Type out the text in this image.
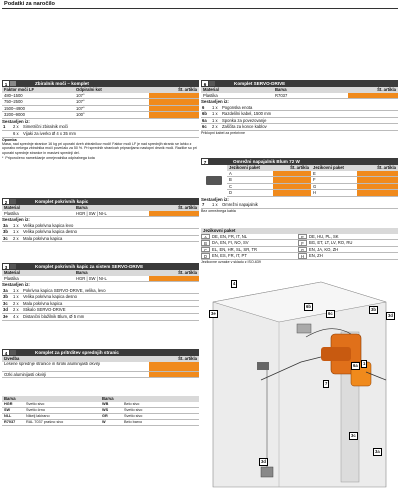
Podatki za naročilo
1	Zbiralnik moči – komplet
Faktor moči LF	Odpiralni kot	Št. artikla
480–1500	107°
750–2500	107°
1500–4900	107°
3200–9000	100°
Sestavljen iz:
1	2 x	Simetrični zbiralnik moči
6 x	Vijaki za iverko Ø 4 x 35 mm
Opomba
Masa, nad sprednje stranice 16 kg pri uporabi dveh zbiralnikov moči! Faktor moči LF je nad sprednjih stranic se lahko z uporabo nekega zbiralnika moči povečalo za 50 %. Pri sprednih stranicah pripravljamo nastopni drsnik moči. Razlike so pri uporabi sprednje stranice in masivni sprednji del.
* Priporočeno nameščanje omejevalnika odpiralnega kota
2	Komplet pokrivnih kapic
Material	Barva	Št. artikla
Plastika	HGR | SW | NI-L
Sestavljen iz:
3a	1 x	Velika pokrivna kapica levo
3b	1 x	Velika pokrivna kapica desno
3c	2 x	Mala pokrivna kapica
3	Komplet pokrivnih kapic za sistem SERVO-DRIVE
Material	Barva	Št. artikla
Plastika	HGR | SW | NI-L
Sestavljen iz:
3a	1 x	Pokrivna kapica SERVO-DRIVE, velika, levo
3b	1 x	Velika pokrivna kapica desno
3c	2 x	Mala pokrivna kapica
3d	2 x	Stikalo SERVO-DRIVE
3e	4 x	Distančni blažilnik Blum, Ø 5 mm
4	Komplet za pritrditev sprednjih stranic
Izvedba	Št. artikla
Lesene sprednje stranice in široki aluminijasti okvirji
Ozki aluminijasti okvirji
Barva	Barva
HGR	Svetlo sivo	WB	Belo sivo
SW	Svetlo črno	WS	Svetlo sivo
NI-L	Nikelj lakirano	GR	Svetlo sivo
R7037	RAL 7037 prašno sivo	W	Belo barvo
6	Komplet SERVO-DRIVE
Material	Barva	Št. artikla
Plastika	R7037
Sestavljen iz:
6	1 x	Pogonska enota
6b	1 x	Razdelilni kabel, 1500 mm
6a	1 x	Sponka za povezovanje
6c	2 x	Zaščita za konce kablov
Priklopni kabel za prekrivne
7	Omrežni napajalnik Blum 72 W
Jezikovni paket	Št. artikla Jezikovni paket	Št. artikla
A	E
B	F
C	G
D	H
Sestavljen iz:
7	1 x	Omrežni napajalnik
Bez omrežnega kabla
Jezikovni paket
A	DE, EN, FR, IT, NL	E	DE, HU, PL, SK
B	DA, EN, FI, NO, SV	F	BG, ET, LT, LV, RO, RU
C	EL, EN, HR, SL, SR, TR	G	EN, JA, KO, ZH
D	EN, ES, FR, IT, PT	H	EN, ZH
Jezikovne oznake v skladu z ISO-639
3e
4
6b
6c
3b
3d
1
6a
7
3d
3c
3a
